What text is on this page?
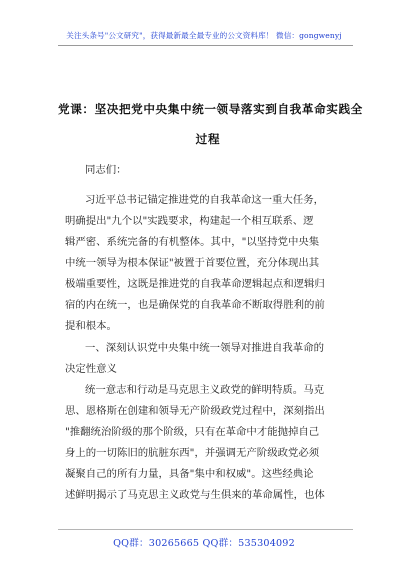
关注头条号"公文研究"，获得最新最全最专业的公文资料库！ 微信：gongwenyj
党课：坚决把党中央集中统一领导落实到自我革命实践全
过程
同志们：
习近平总书记锚定推进党的自我革命这一重大任务，
明确提出"九个以"实践要求，构建起一个相互联系、逻
辑严密、系统完备的有机整体。其中，"以坚持党中央集
中统一领导为根本保证"被置于首要位置，充分体现出其
极端重要性，这既是推进党的自我革命逻辑起点和逻辑归
宿的内在统一，也是确保党的自我革命不断取得胜利的前
提和根本。
一、深刻认识党中央集中统一领导对推进自我革命的
决定性意义
统一意志和行动是马克思主义政党的鲜明特质。马克
思、恩格斯在创建和领导无产阶级政党过程中，深刻指出
"推翻统治阶级的那个阶级，只有在革命中才能抛掉自己
身上的一切陈旧的肮脏东西"，并强调无产阶级政党必须
凝聚自己的所有力量，具备"集中和权威"。这些经典论
述鲜明揭示了马克思主义政党与生俱来的革命属性，也体
QQ群：30265665 QQ群：535304092
